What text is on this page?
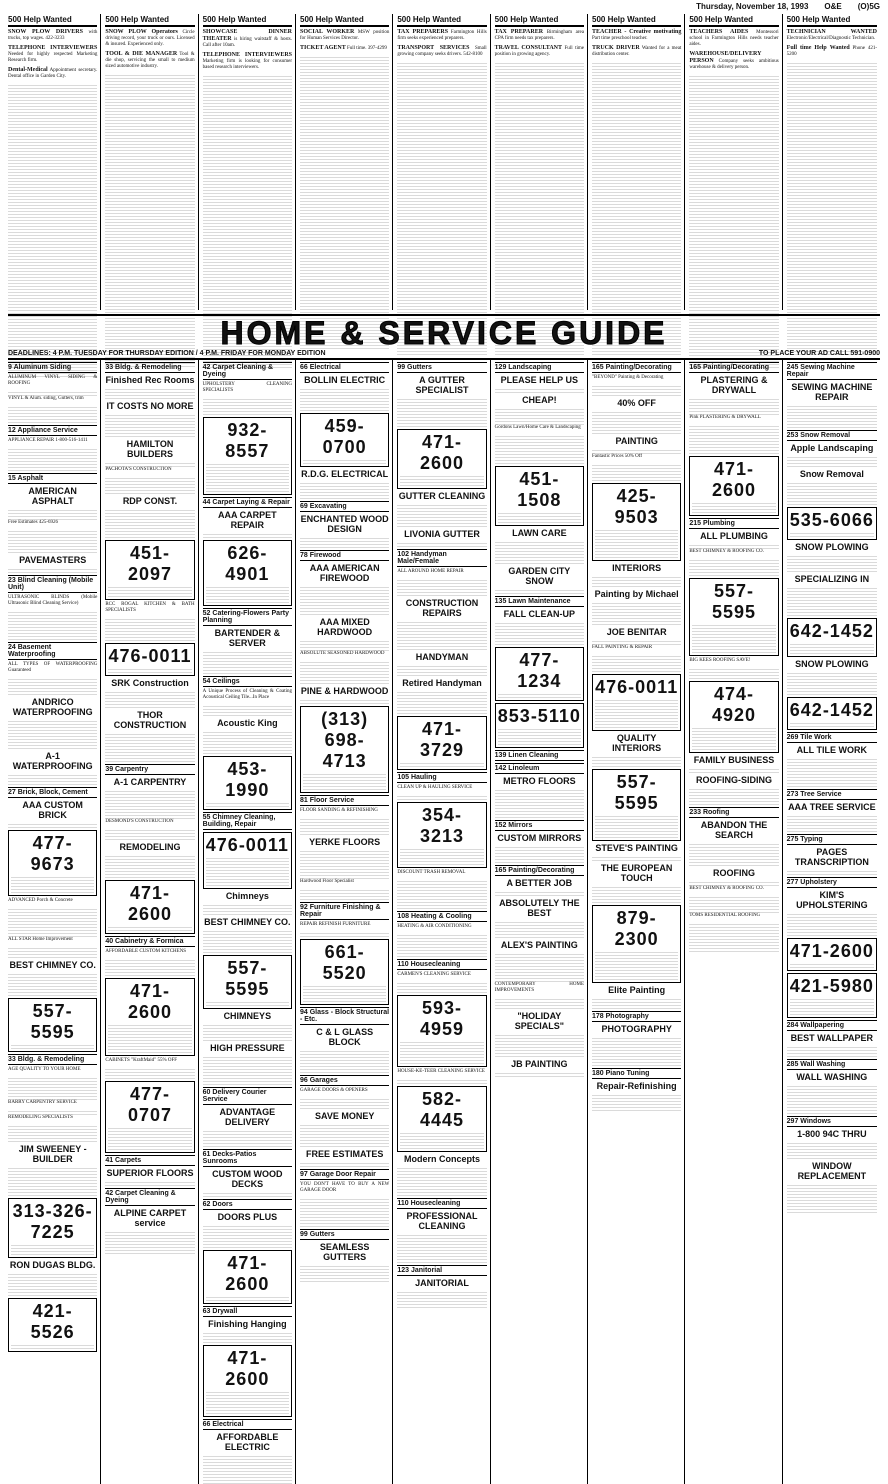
Thursday, November 18, 1993 O&E (O)5G
500 Help Wanted
SNOW PLOW DRIVERS with trucks, top wages. 422-3233
TELEPHONE INTERVIEWERS Needed for highly respected Marketing Research firm.
Dental-Medical Appointment secretary. Dental office in Garden City.
500 Help Wanted
SNOW PLOW Operators Circle driving record, your truck or ours. Licensed & insured. Experienced only.
TOOL & DIE MANAGER Tool & die shop, servicing the small to medium sized automotive industry.
500 Help Wanted
SHOWCASE DINNER THEATER is hiring waitstaff & hosts. Call after 10am.
TELEPHONE INTERVIEWERS Marketing firm is looking for consumer based research interviewers.
500 Help Wanted
SOCIAL WORKER MSW position for Human Services Director.
TICKET AGENT Full time. 397-4299
500 Help Wanted
TAX PREPARERS Farmington Hills firm seeks experienced preparers.
TRANSPORT SERVICES Small growing company seeks drivers. 542-8100
500 Help Wanted
TAX PREPARER Birmingham area CPA firm needs tax preparers.
TRAVEL CONSULTANT Full time position in growing agency.
500 Help Wanted
TEACHER - Creative motivating Part time preschool teacher.
TRUCK DRIVER Wanted for a meat distribution center.
500 Help Wanted
TEACHERS AIDES Montessori school in Farmington Hills needs teacher aides.
WAREHOUSE/DELIVERY PERSON Company seeks ambitious warehouse & delivery person.
500 Help Wanted
TECHNICIAN WANTED Electronic/Electrical/Diagnostic Technician.
Full time Help Wanted Phone 421-5200
HOME & SERVICE GUIDE
DEADLINES: 4 P.M. TUESDAY FOR THURSDAY EDITION / 4 P.M. FRIDAY FOR MONDAY EDITION	TO PLACE YOUR AD CALL 591-0900
9 Aluminum Siding
ALUMINUM VINYL SIDING & ROOFING
VINYL & Alum. siding, Gutters, trim
12 Appliance Service
APPLIANCE REPAIR 1-800-516-1411
15 Asphalt
AMERICAN ASPHALT
Free Estimates 425-6926
PAVEMASTERS
23 Blind Cleaning (Mobile Unit)
ULTRASONIC BLINDS (Mobile Ultrasonic Blind Cleaning Service)
24 Basement Waterproofing
ALL TYPES OF WATERPROOFING Guaranteed
ANDRICO WATERPROOFING
A-1 WATERPROOFING
27 Brick, Block, Cement
AAA CUSTOM BRICK
477-9673
ADVANCED Porch & Concrete
ALL STAR Home Improvement
BEST CHIMNEY CO.
557-5595
33 Bldg. & Remodeling
AGE QUALITY TO YOUR HOME
BARRY CARPENTRY SERVICE
REMODELING SPECIALISTS
JIM SWEENEY - BUILDER
313-326-7225
RON DUGAS BLDG.
421-5526
33 Bldg. & Remodeling
Finished Rec Rooms
IT COSTS NO MORE
HAMILTON BUILDERS
PACHOTA'S CONSTRUCTION
RDP CONST.
451-2097
RCC ROGAL KITCHEN & BATH SPECIALISTS
476-0011
SRK Construction
THOR CONSTRUCTION
39 Carpentry
A-1 CARPENTRY
DESMOND'S CONSTRUCTION
REMODELING
471-2600
40 Cabinetry & Formica
AFFORDABLE CUSTOM KITCHENS
471-2600
CABINETS "KraftMaid" 55% OFF
477-0707
41 Carpets
SUPERIOR FLOORS
42 Carpet Cleaning & Dyeing
ALPINE CARPET service
42 Carpet Cleaning & Dyeing
UPHOLSTERY CLEANING SPECIALISTS
932-8557
44 Carpet Laying & Repair
AAA CARPET REPAIR
626-4901
52 Catering-Flowers Party Planning
BARTENDER & SERVER
54 Ceilings
A Unique Process of Cleaning & Coating Acoustical Ceiling Tile...In Place
Acoustic King
453-1990
55 Chimney Cleaning, Building, Repair
476-0011
Chimneys
BEST CHIMNEY CO.
557-5595
CHIMNEYS
HIGH PRESSURE
60 Delivery Courier Service
ADVANTAGE DELIVERY
61 Decks-Patios Sunrooms
CUSTOM WOOD DECKS
62 Doors
DOORS PLUS
471-2600
63 Drywall
Finishing Hanging
471-2600
66 Electrical
AFFORDABLE ELECTRIC
66 Electrical
BOLLIN ELECTRIC
459-0700
R.D.G. ELECTRICAL
69 Excavating
ENCHANTED WOOD DESIGN
78 Firewood
AAA AMERICAN FIREWOOD
AAA MIXED HARDWOOD
ABSOLUTE SEASONED HARDWOOD
PINE & HARDWOOD
(313) 698-4713
81 Floor Service
FLOOR SANDING & REFINISHING
YERKE FLOORS
Hardwood Floor Specialist
92 Furniture Finishing & Repair
REPAIR REFINISH FURNITURE
661-5520
94 Glass - Block Structural - Etc.
C & L GLASS BLOCK
96 Garages
GARAGE DOORS & OPENERS
SAVE MONEY
FREE ESTIMATES
97 Garage Door Repair
YOU DON'T HAVE TO BUY A NEW GARAGE DOOR
99 Gutters
SEAMLESS GUTTERS
99 Gutters
A GUTTER SPECIALIST
471-2600
GUTTER CLEANING
LIVONIA GUTTER
102 Handyman Male/Female
ALL AROUND HOME REPAIR
CONSTRUCTION REPAIRS
HANDYMAN
Retired Handyman
471-3729
105 Hauling
CLEAN UP & HAULING SERVICE
354-3213
DISCOUNT TRASH REMOVAL
108 Heating & Cooling
HEATING & AIR CONDITIONING
110 Housecleaning
CARMEN'S CLEANING SERVICE
593-4959
HOUSE-KE-TEER CLEANING SERVICE
582-4445
Modern Concepts
110 Housecleaning
PROFESSIONAL CLEANING
123 Janitorial
JANITORIAL
129 Landscaping
PLEASE HELP US
CHEAP!
Gordons Lawn/Home Care & Landscaping
451-1508
LAWN CARE
GARDEN CITY SNOW
135 Lawn Maintenance
FALL CLEAN-UP
477-1234
853-5110
139 Linen Cleaning
142 Linoleum
METRO FLOORS
152 Mirrors
CUSTOM MIRRORS
165 Painting/Decorating
A BETTER JOB
ABSOLUTELY THE BEST
ALEX'S PAINTING
CONTEMPORARY HOME IMPROVEMENTS
"HOLIDAY SPECIALS"
JB PAINTING
165 Painting/Decorating
"BEYOND" Painting & Decorating
40% OFF
PAINTING
Fantastic Prices 50% Off
425-9503
INTERIORS
Painting by Michael
JOE BENITAR
FALL PAINTING & REPAIR
476-0011
QUALITY INTERIORS
557-5595
STEVE'S PAINTING
THE EUROPEAN TOUCH
879-2300
Elite Painting
178 Photography
PHOTOGRAPHY
180 Piano Tuning
Repair-Refinishing
165 Painting/Decorating
PLASTERING & DRYWALL
Pink PLASTERING & DRYWALL
471-2600
215 Plumbing
ALL PLUMBING
BEST CHIMNEY & ROOFING CO.
557-5595
BIG KEES ROOFING SAVE!
474-4920
FAMILY BUSINESS
ROOFING-SIDING
233 Roofing
ABANDON THE SEARCH
ROOFING
BEST CHIMNEY & ROOFING CO.
TOMS RESIDENTIAL ROOFING
245 Sewing Machine Repair
SEWING MACHINE REPAIR
253 Snow Removal
Apple Landscaping
Snow Removal
535-6066
SNOW PLOWING
SPECIALIZING IN
642-1452
SNOW PLOWING
642-1452
269 Tile Work
ALL TILE WORK
273 Tree Service
AAA TREE SERVICE
275 Typing
PAGES TRANSCRIPTION
277 Upholstery
KIM'S UPHOLSTERING
471-2600
421-5980
284 Wallpapering
BEST WALLPAPER
285 Wall Washing
WALL WASHING
297 Windows
1-800 94C THRU
WINDOW REPLACEMENT
